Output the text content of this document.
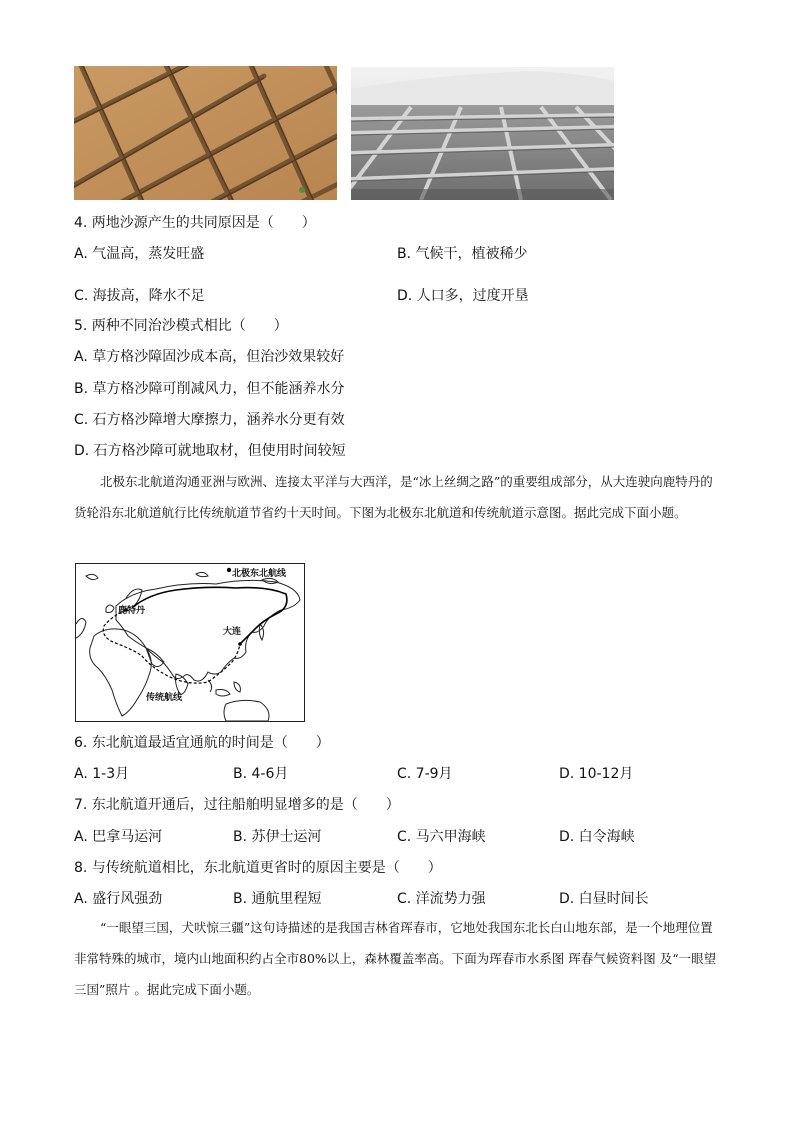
4. 两地沙源产生的共同原因是（　　）
A. 气温高，蒸发旺盛	B. 气候干，植被稀少
C. 海拔高，降水不足	D. 人口多，过度开垦
5. 两种不同治沙模式相比（　　）
A. 草方格沙障固沙成本高，但治沙效果较好
B. 草方格沙障可削减风力，但不能涵养水分
C. 石方格沙障增大摩擦力，涵养水分更有效
D. 石方格沙障可就地取材，但使用时间较短
北极东北航道沟通亚洲与欧洲、连接太平洋与大西洋，是“冰上丝绸之路”的重要组成部分，从大连驶向鹿特丹的货轮沿东北航道航行比传统航道节省约十天时间。下图为北极东北航道和传统航道示意图。据此完成下面小题。
北极东北航线
鹿特丹
大连
传统航线
6. 东北航道最适宜通航的时间是（　　）
A. 1-3月	B. 4-6月	C. 7-9月	D. 10-12月
7. 东北航道开通后，过往船舶明显增多的是（　　）
A. 巴拿马运河	B. 苏伊士运河	C. 马六甲海峡	D. 白令海峡
8. 与传统航道相比，东北航道更省时的原因主要是（　　）
A. 盛行风强劲	B. 通航里程短	C. 洋流势力强	D. 白昼时间长
“一眼望三国，犬吠惊三疆”这句诗描述的是我国吉林省珲春市，它地处我国东北长白山地东部，是一个地理位置非常特殊的城市，境内山地面积约占全市80%以上，森林覆盖率高。下面为珲春市水系图 珲春气候资料图 及“一眼望三国”照片 。据此完成下面小题。
